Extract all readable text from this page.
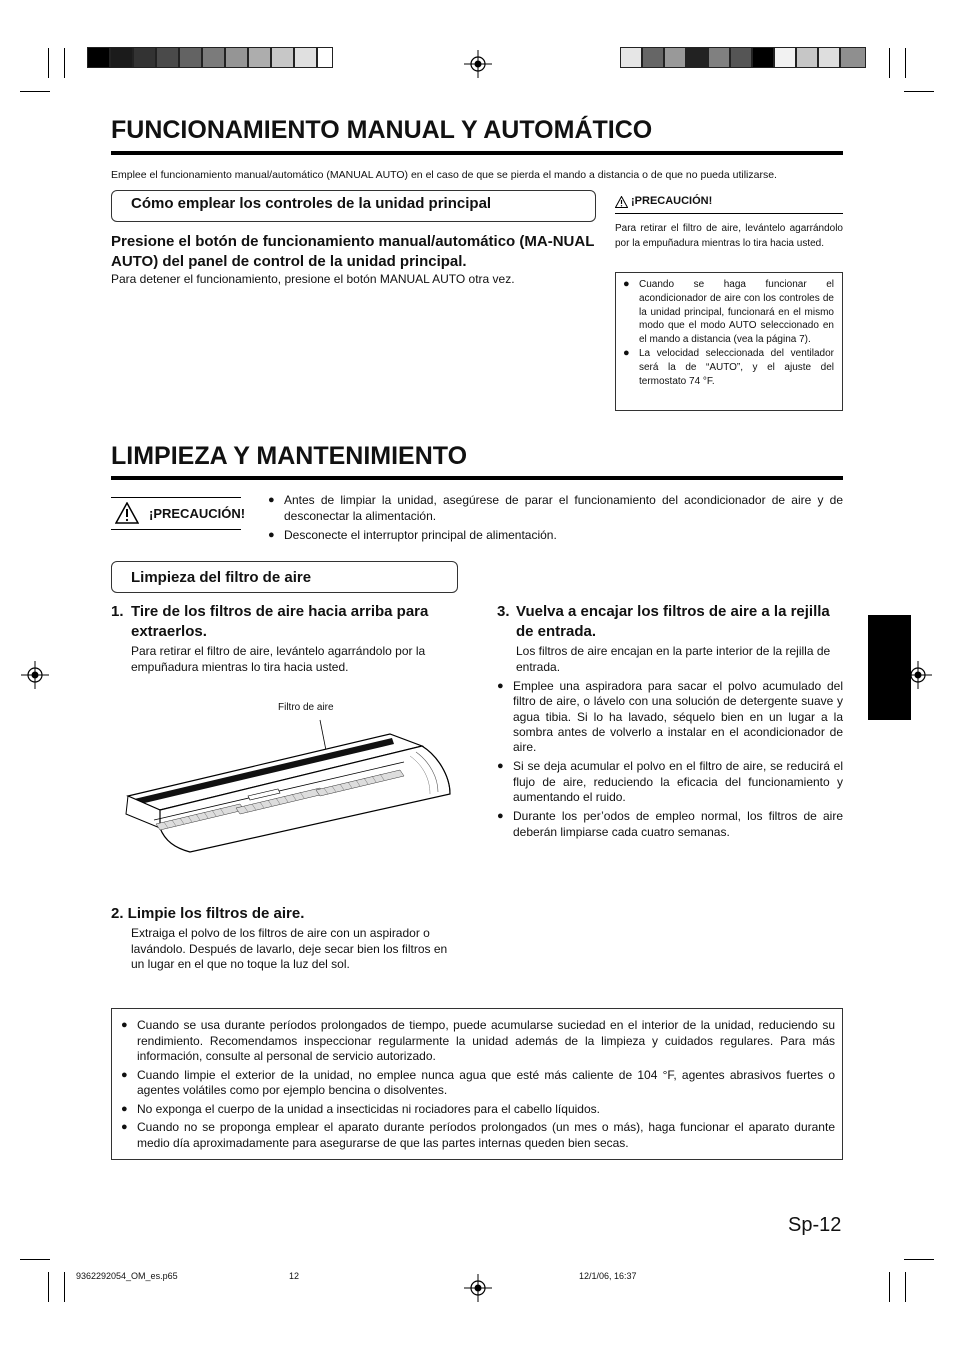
FUNCIONAMIENTO MANUAL Y AUTOMÁTICO
Emplee el funcionamiento manual/automático (MANUAL AUTO) en el caso de que se pierda el mando a distancia o de que no pueda utilizarse.
Cómo emplear los controles de la unidad principal
Presione el botón de funcionamiento manual/automático (MA-NUAL AUTO) del panel de control de la unidad principal.
Para detener el funcionamiento, presione el botón MANUAL AUTO otra vez.
¡PRECAUCIÓN!
Para retirar el filtro de aire, levántelo agarrándolo por la empuñadura mientras lo tira hacia usted.
● Cuando se haga funcionar el acondicionador de aire con los controles de la unidad principal, funcionará en el mismo modo que el modo AUTO seleccionado en el mando a distancia (vea la página 7).
● La velocidad seleccionada del ventilador será la de “AUTO”, y el ajuste del termostato 74 °F.
LIMPIEZA Y MANTENIMIENTO
¡PRECAUCIÓN!
● Antes de limpiar la unidad, asegúrese de parar el funcionamiento del acondicionador de aire y de desconectar la alimentación.
● Desconecte el interruptor principal de alimentación.
Limpieza del filtro de aire
1. Tire de los filtros de aire hacia arriba para extraerlos.
Para retirar el filtro de aire, levántelo agarrándolo por la empuñadura mientras lo tira hacia usted.
Filtro de aire
2. Limpie los filtros de aire.
Extraiga el polvo de los filtros de aire con un aspirador o lavándolo. Después de lavarlo, deje secar bien los filtros en un lugar en el que no toque la luz del sol.
3. Vuelva a encajar los filtros de aire a la rejilla de entrada.
Los filtros de aire encajan en la parte interior de la rejilla de entrada.
● Emplee una aspiradora para sacar el polvo acumulado del filtro de aire, o lávelo con una solución de detergente suave y agua tibia. Si lo ha lavado, séquelo bien en un lugar a la sombra antes de volverlo a instalar en el acondicionador de aire.
● Si se deja acumular el polvo en el filtro de aire, se reducirá el flujo de aire, reduciendo la eficacia del funcionamiento y aumentando el ruido.
● Durante los per’odos de empleo normal, los filtros de aire deberán limpiarse cada cuatro semanas.
● Cuando se usa durante períodos prolongados de tiempo, puede acumularse suciedad en el interior de la unidad, reduciendo su rendimiento. Recomendamos inspeccionar regularmente la unidad además de la limpieza y cuidados regulares. Para más información, consulte al personal de servicio autorizado.
● Cuando limpie el exterior de la unidad, no emplee nunca agua que esté más caliente de 104 °F, agentes abrasivos fuertes o agentes volátiles como por ejemplo bencina o disolventes.
● No exponga el cuerpo de la unidad a insecticidas ni rociadores para el cabello líquidos.
● Cuando no se proponga emplear el aparato durante períodos prolongados (un mes o más), haga funcionar el aparato durante medio día aproximadamente para asegurarse de que las partes internas queden bien secas.
Sp-12
9362292054_OM_es.p65	12	12/1/06, 16:37
